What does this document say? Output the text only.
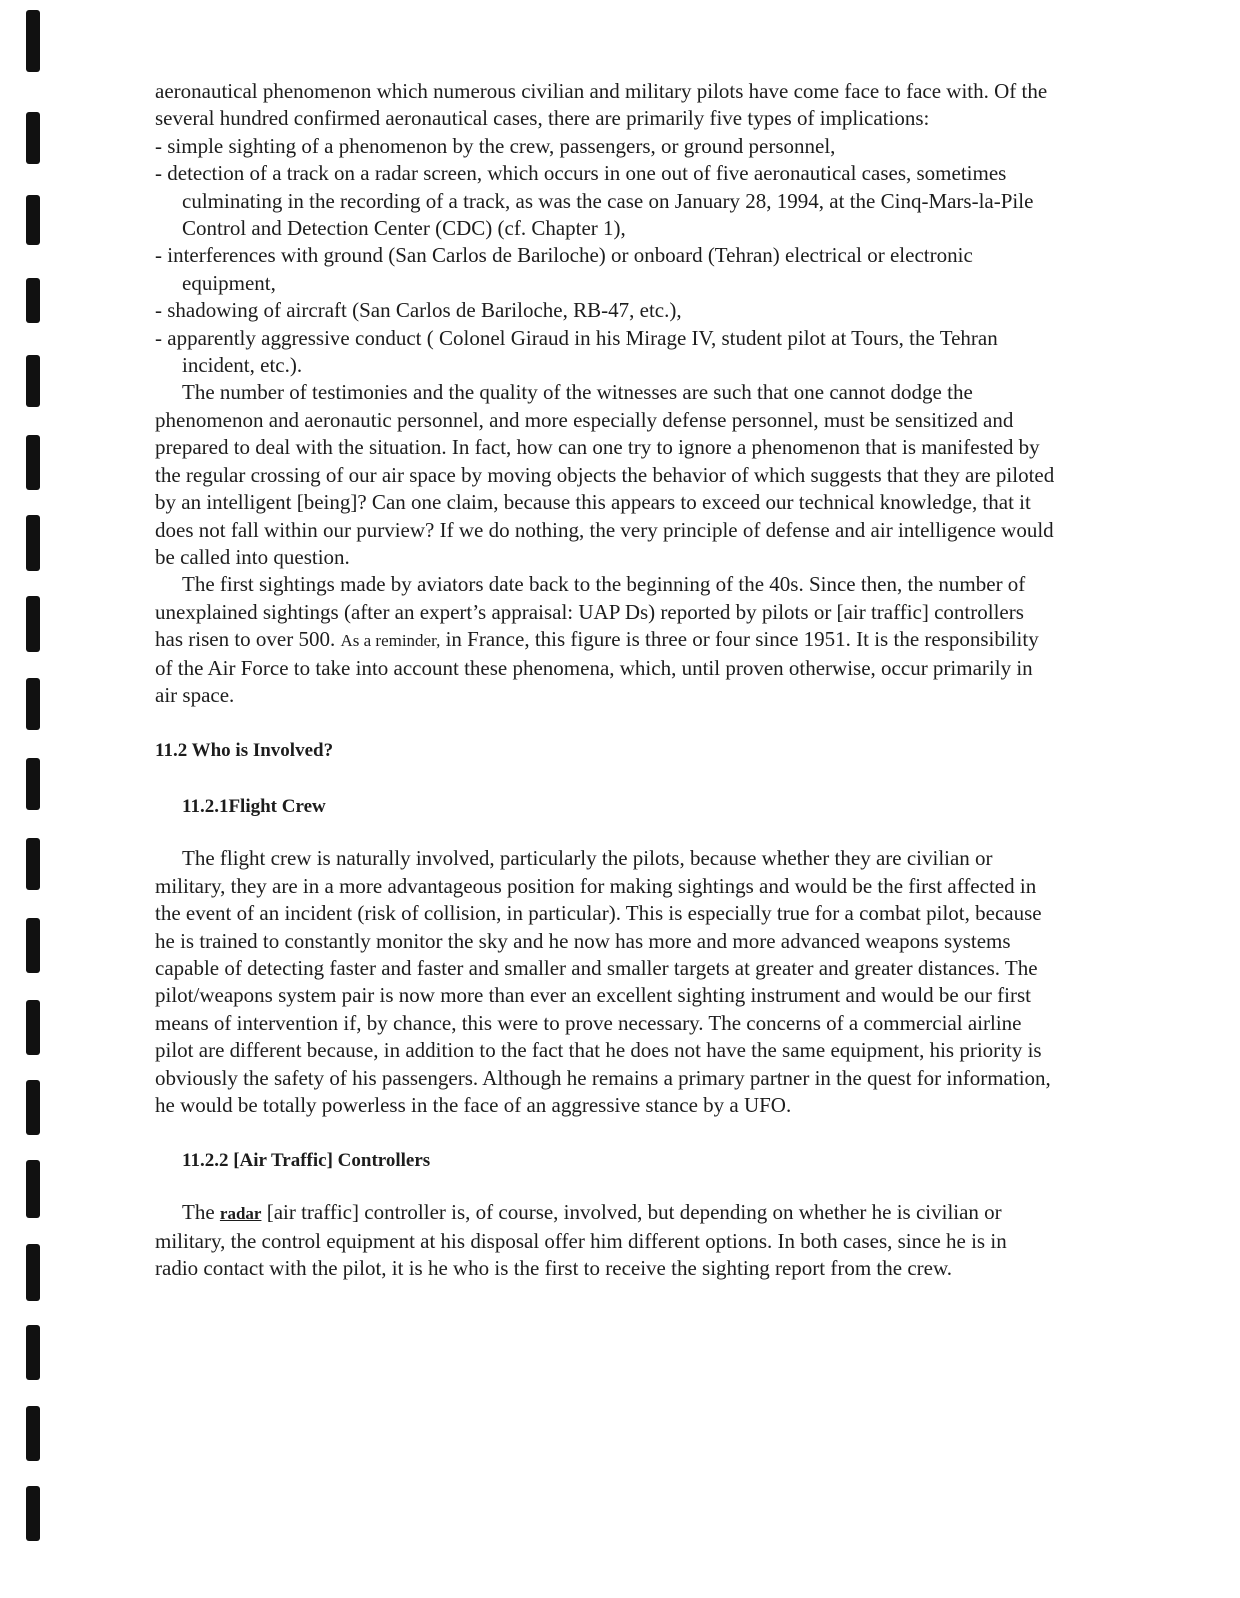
aeronautical phenomenon which numerous civilian and military pilots have come face to face with. Of the several hundred confirmed aeronautical cases, there are primarily five types of implications:

- simple sighting of a phenomenon by the crew, passengers, or ground personnel,

- detection of a track on a radar screen, which occurs in one out of five aeronautical cases, sometimes culminating in the recording of a track, as was the case on January 28, 1994, at the Cinq-Mars-la-Pile Control and Detection Center (CDC) (cf. Chapter 1),

- interferences with ground (San Carlos de Bariloche) or onboard (Tehran) electrical or electronic equipment,

- shadowing of aircraft (San Carlos de Bariloche, RB-47, etc.),

- apparently aggressive conduct ( Colonel Giraud in his Mirage IV, student pilot at Tours, the Tehran incident, etc.).

The number of testimonies and the quality of the witnesses are such that one cannot dodge the phenomenon and aeronautic personnel, and more especially defense personnel, must be sensitized and prepared to deal with the situation. In fact, how can one try to ignore a phenomenon that is manifested by the regular crossing of our air space by moving objects the behavior of which suggests that they are piloted by an intelligent [being]? Can one claim, because this appears to exceed our technical knowledge, that it does not fall within our purview? If we do nothing, the very principle of defense and air intelligence would be called into question.

The first sightings made by aviators date back to the beginning of the 40s. Since then, the number of unexplained sightings (after an expert’s appraisal: UAP Ds) reported by pilots or [air traffic] controllers has risen to over 500. As a reminder, in France, this figure is three or four since 1951. It is the responsibility of the Air Force to take into account these phenomena, which, until proven otherwise, occur primarily in air space.

11.2 Who is Involved?
11.2.1Flight Crew

The flight crew is naturally involved, particularly the pilots, because whether they are civilian or military, they are in a more advantageous position for making sightings and would be the first affected in the event of an incident (risk of collision, in particular). This is especially true for a combat pilot, because he is trained to constantly monitor the sky and he now has more and more advanced weapons systems capable of detecting faster and faster and smaller and smaller targets at greater and greater distances. The pilot/weapons system pair is now more than ever an excellent sighting instrument and would be our first means of intervention if, by chance, this were to prove necessary. The concerns of a commercial airline pilot are different because, in addition to the fact that he does not have the same equipment, his priority is obviously the safety of his passengers. Although he remains a primary partner in the quest for information, he would be totally powerless in the face of an aggressive stance by a UFO.

11.2.2 [Air Traffic] Controllers

The radar [air traffic] controller is, of course, involved, but depending on whether he is civilian or military, the control equipment at his disposal offer him different options. In both cases, since he is in radio contact with the pilot, it is he who is the first to receive the sighting report from the crew.
